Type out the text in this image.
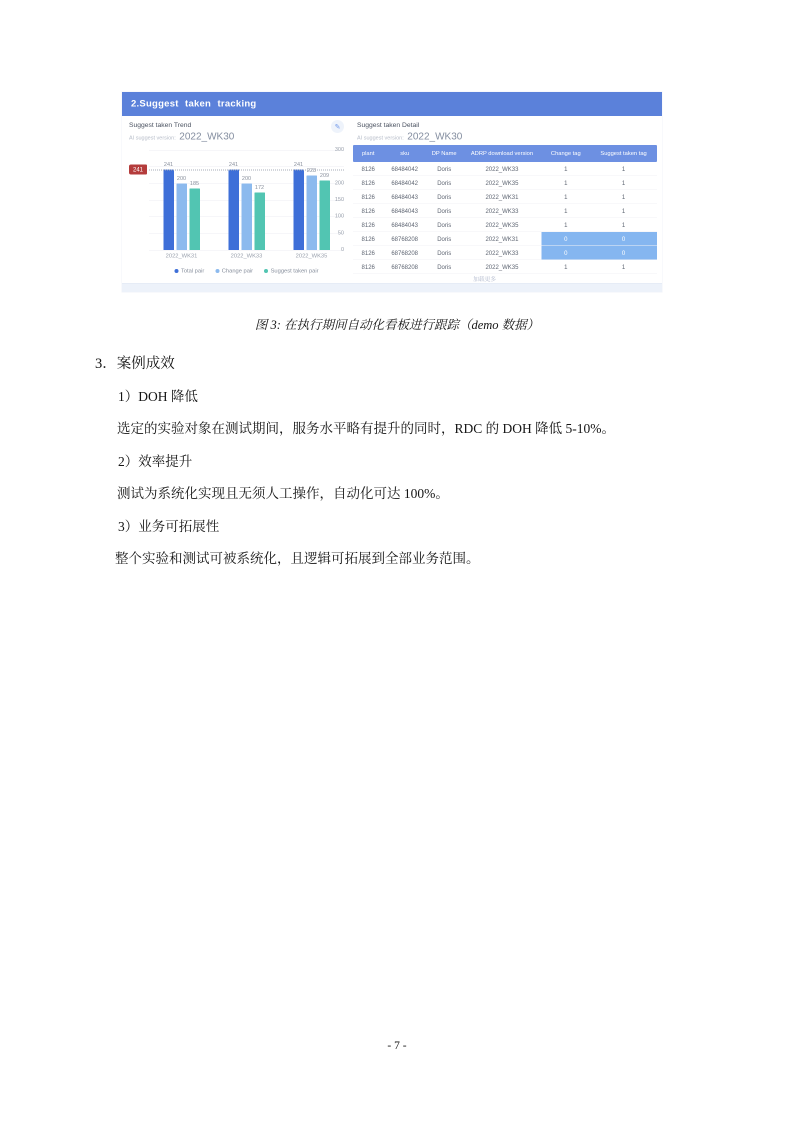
2.Suggest taken tracking
Suggest taken Trend
AI suggest version: 2022_WK30
✎
241
200
185
241
200
172
241
223
209
2022_WK31	2022_WK33	2022_WK35
Total pair Change pair Suggest taken pair
0
50
100
150
200
300
241
Suggest taken Detail
AI suggest version: 2022_WK30
plant	sku	DP Name	ADRP download version	Change tag	Suggest taken tag
8126	68484042	Doris	2022_WK33	1	1
8126	68484042	Doris	2022_WK35	1	1
8126	68484043	Doris	2022_WK31	1	1
8126	68484043	Doris	2022_WK33	1	1
8126	68484043	Doris	2022_WK35	1	1
8126	68768208	Doris	2022_WK31	0	0
8126	68768208	Doris	2022_WK33	0	0
8126	68768208	Doris	2022_WK35	1	1
加载更多
图 3: 在执行期间自动化看板进行跟踪（demo 数据）
3．案例成效
1）DOH 降低
选定的实验对象在测试期间，服务水平略有提升的同时，RDC 的 DOH 降低 5-10%。
2）效率提升
测试为系统化实现且无须人工操作，自动化可达 100%。
3）业务可拓展性
整个实验和测试可被系统化，且逻辑可拓展到全部业务范围。
- 7 -
